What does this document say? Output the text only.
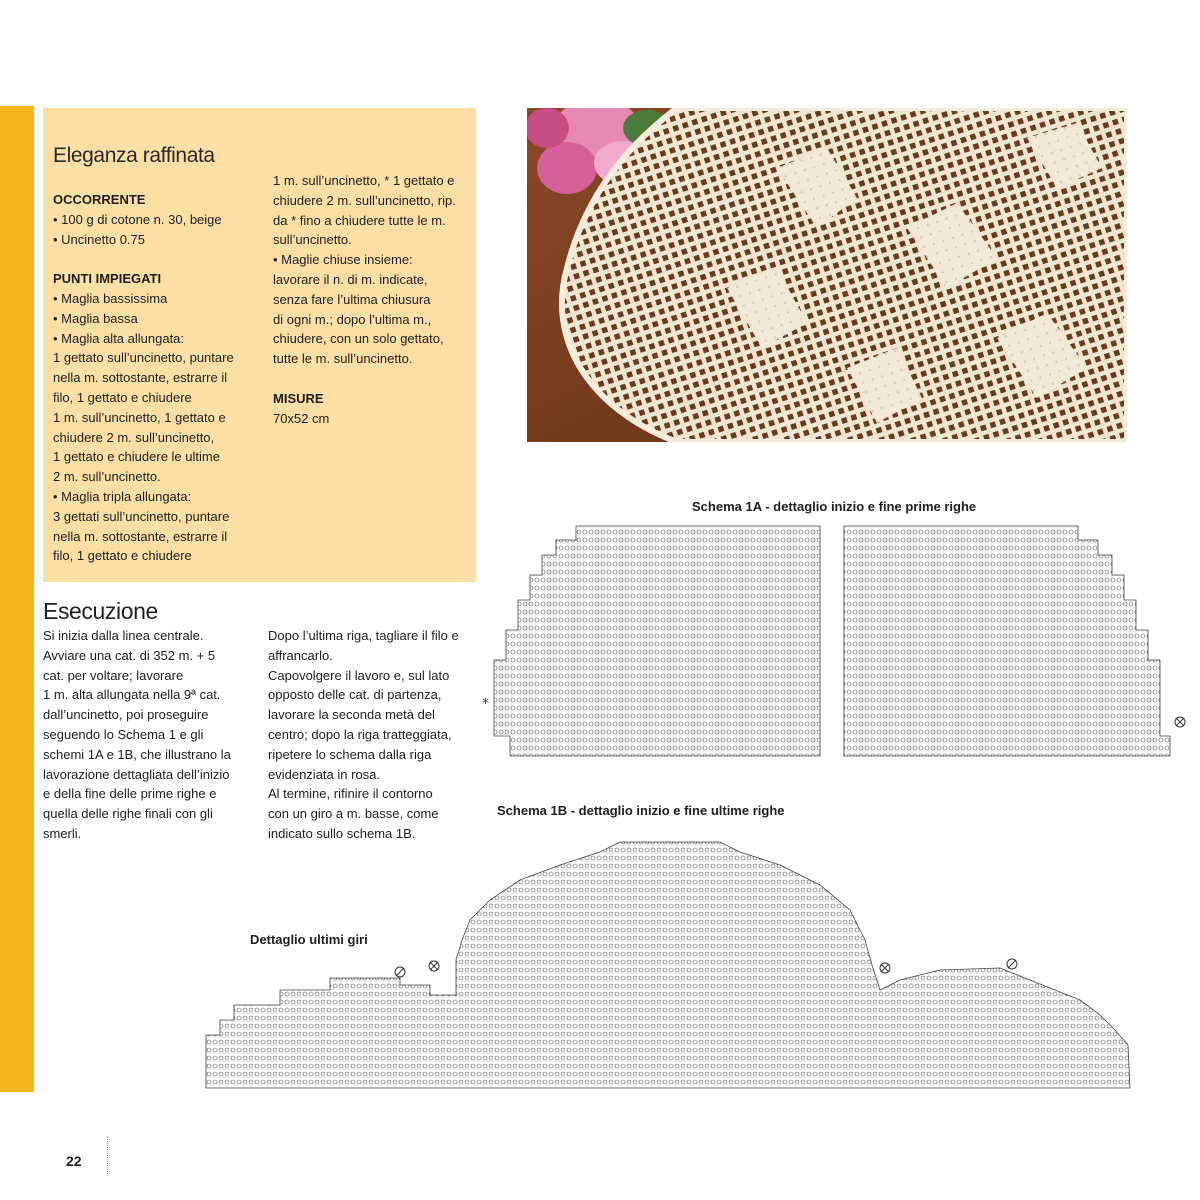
Eleganza raffinata

OCCORRENTE

• 100 g di cotone n. 30, beige

• Uncinetto 0.75

PUNTI IMPIEGATI

• Maglia bassissima

• Maglia bassa

• Maglia alta allungata:

1 gettato sull’uncinetto, puntare

nella m. sottostante, estrarre il

filo, 1 gettato e chiudere

1 m. sull’uncinetto, 1 gettato e

chiudere 2 m. sull’uncinetto,

1 gettato e chiudere le ultime

2 m. sull’uncinetto.

• Maglia tripla allungata:

3 gettati sull’uncinetto, puntare

nella m. sottostante, estrarre il

filo, 1 gettato e chiudere

1 m. sull’uncinetto, * 1 gettato e

chiudere 2 m. sull’uncinetto, rip.

da * fino a chiudere tutte le m.

sull’uncinetto.

• Maglie chiuse insieme:

lavorare il n. di m. indicate,

senza fare l’ultima chiusura

di ogni m.; dopo l’ultima m.,

chiudere, con un solo gettato,

tutte le m. sull’uncinetto.

MISURE

70x52 cm

Esecuzione

Si inizia dalla linea centrale.

Avviare una cat. di 352 m. + 5

cat. per voltare; lavorare

1 m. alta allungata nella 9ª cat.

dall’uncinetto, poi proseguire

seguendo lo Schema 1 e gli

schemi 1A e 1B, che illustrano la

lavorazione dettagliata dell’inizio

e della fine delle prime righe e

quella delle righe finali con gli

smerli.

Dopo l’ultima riga, tagliare il filo e

affrancarlo.

Capovolgere il lavoro e, sul lato

opposto delle cat. di partenza,

lavorare la seconda metà del

centro; dopo la riga tratteggiata,

ripetere lo schema dalla riga

evidenziata in rosa.

Al termine, rifinire il contorno

con un giro a m. basse, come

indicato sullo schema 1B.

Schema 1A - dettaglio inizio e fine prime righe
Schema 1B - dettaglio inizio e fine ultime righe
Dettaglio ultimi giri
*
22
